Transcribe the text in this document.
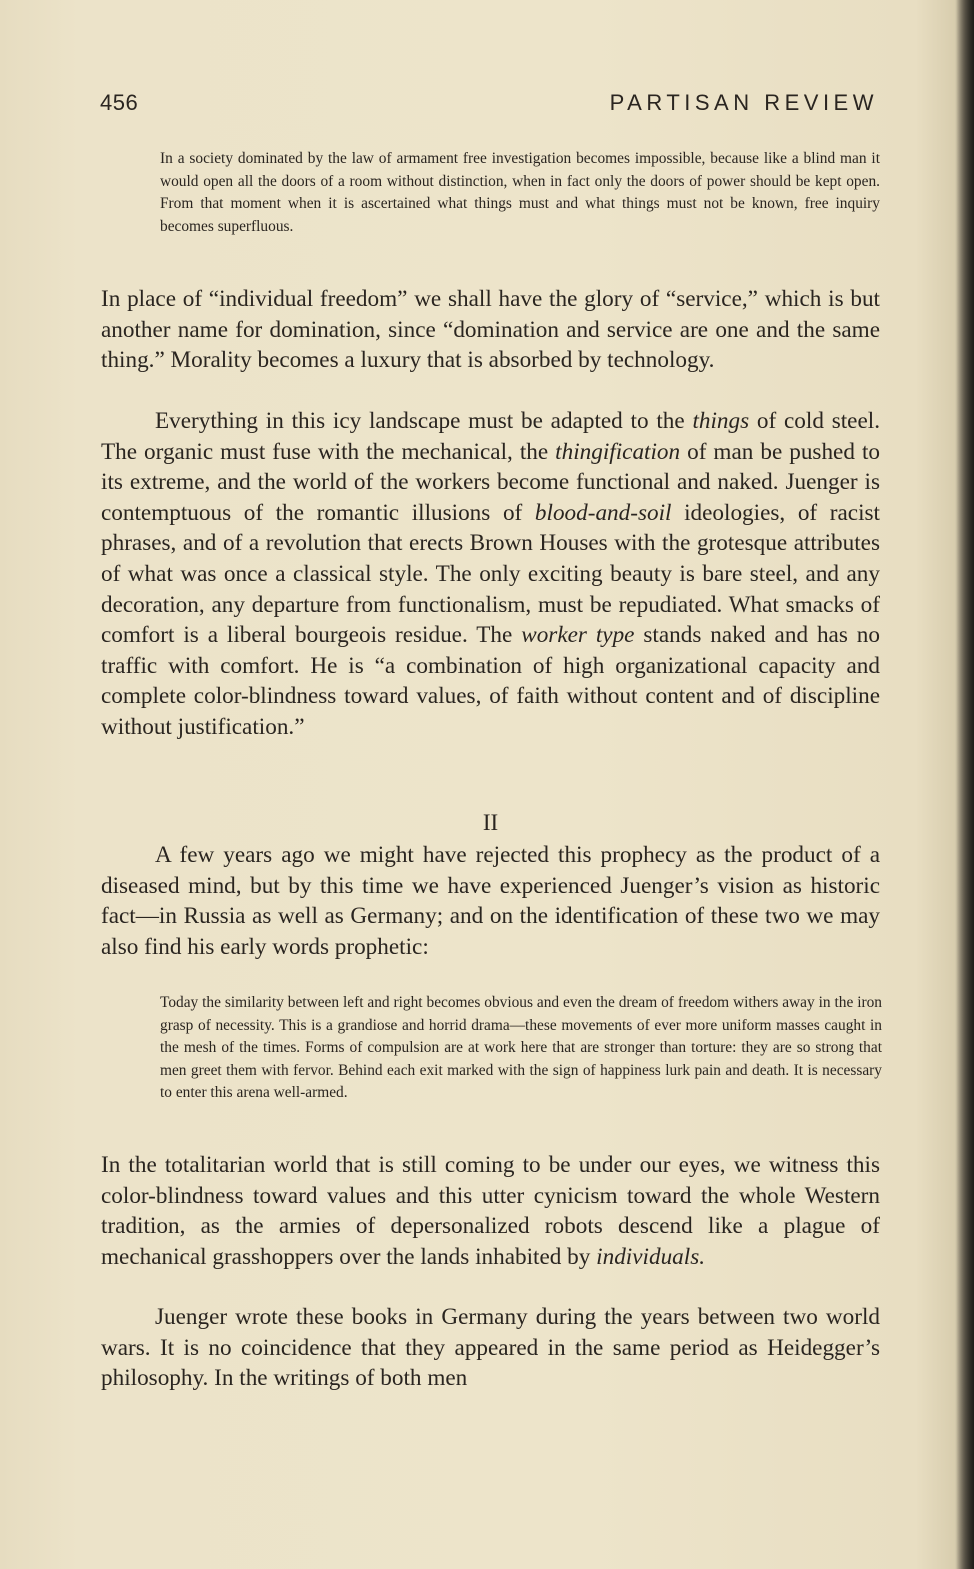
456	PARTISAN REVIEW

In a society dominated by the law of armament free investigation becomes impossible, because like a blind man it would open all the doors of a room without distinction, when in fact only the doors of power should be kept open. From that moment when it is ascertained what things must and what things must not be known, free inquiry becomes superfluous.

In place of “individual freedom” we shall have the glory of “service,” which is but another name for domination, since “domination and service are one and the same thing.” Morality becomes a luxury that is absorbed by technology.

Everything in this icy landscape must be adapted to the things of cold steel. The organic must fuse with the mechanical, the thingification of man be pushed to its extreme, and the world of the workers become functional and naked. Juenger is contemptuous of the romantic illusions of blood-and-soil ideologies, of racist phrases, and of a revolution that erects Brown Houses with the grotesque attributes of what was once a classical style. The only exciting beauty is bare steel, and any decoration, any departure from functionalism, must be repudiated. What smacks of comfort is a liberal bourgeois residue. The worker type stands naked and has no traffic with comfort. He is “a combination of high organizational capacity and complete color-blindness toward values, of faith without content and of discipline without justification.”

II

A few years ago we might have rejected this prophecy as the product of a diseased mind, but by this time we have experienced Juenger’s vision as historic fact—in Russia as well as Germany; and on the identification of these two we may also find his early words prophetic:

Today the similarity between left and right becomes obvious and even the dream of freedom withers away in the iron grasp of necessity. This is a grandiose and horrid drama—these movements of ever more uniform masses caught in the mesh of the times. Forms of compulsion are at work here that are stronger than torture: they are so strong that men greet them with fervor. Behind each exit marked with the sign of happiness lurk pain and death. It is necessary to enter this arena well-armed.

In the totalitarian world that is still coming to be under our eyes, we witness this color-blindness toward values and this utter cynicism toward the whole Western tradition, as the armies of depersonalized robots descend like a plague of mechanical grasshoppers over the lands inhabited by individuals.

Juenger wrote these books in Germany during the years between two world wars. It is no coincidence that they appeared in the same period as Heidegger’s philosophy. In the writings of both men
